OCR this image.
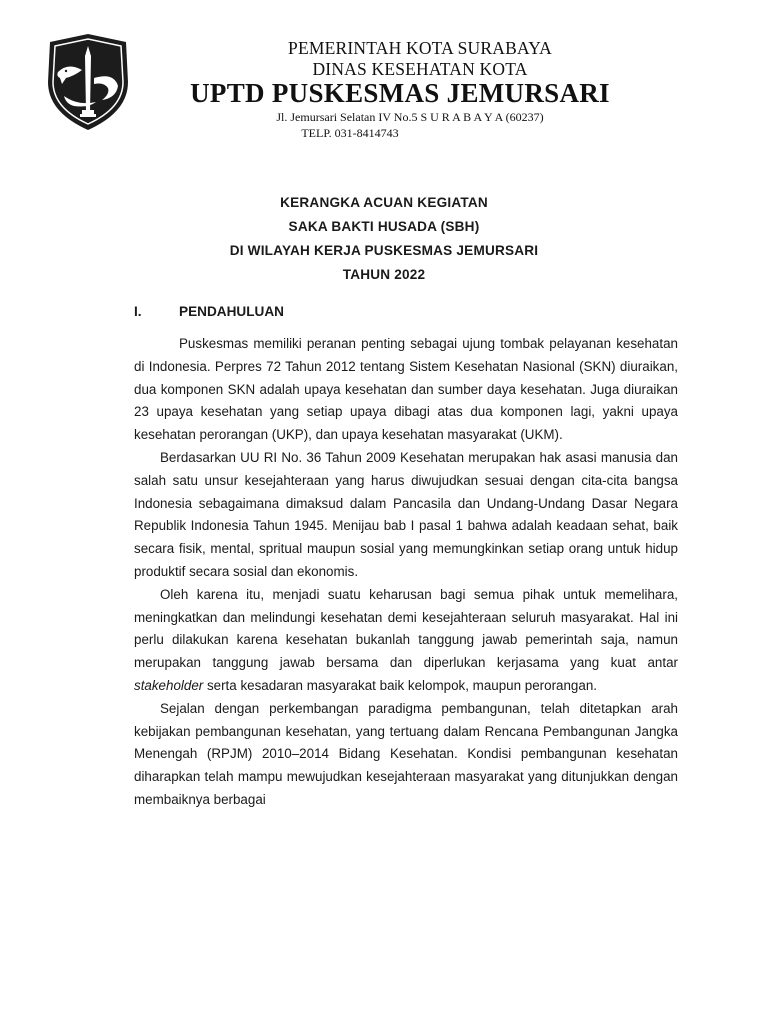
PEMERINTAH KOTA SURABAYA
DINAS KESEHATAN KOTA
UPTD PUSKESMAS JEMURSARI
Jl. Jemursari Selatan IV No.5 S U R A B A Y A (60237)
TELP. 031-8414743
KERANGKA ACUAN KEGIATAN
SAKA BAKTI HUSADA (SBH)
DI WILAYAH KERJA PUSKESMAS JEMURSARI
TAHUN 2022
I.	PENDAHULUAN

Puskesmas memiliki peranan penting sebagai ujung tombak pelayanan kesehatan di Indonesia. Perpres 72 Tahun 2012 tentang Sistem Kesehatan Nasional (SKN) diuraikan, dua komponen SKN adalah upaya kesehatan dan sumber daya kesehatan. Juga diuraikan 23 upaya kesehatan yang setiap upaya dibagi atas dua komponen lagi, yakni upaya kesehatan perorangan (UKP), dan upaya kesehatan masyarakat (UKM).

Berdasarkan UU RI No. 36 Tahun 2009 Kesehatan merupakan hak asasi manusia dan salah satu unsur kesejahteraan yang harus diwujudkan sesuai dengan cita-cita bangsa Indonesia sebagaimana dimaksud dalam Pancasila dan Undang-Undang Dasar Negara Republik Indonesia Tahun 1945. Menijau bab I pasal 1 bahwa adalah keadaan sehat, baik secara fisik, mental, spritual maupun sosial yang memungkinkan setiap orang untuk hidup produktif secara sosial dan ekonomis.

Oleh karena itu, menjadi suatu keharusan bagi semua pihak untuk memelihara, meningkatkan dan melindungi kesehatan demi kesejahteraan seluruh masyarakat. Hal ini perlu dilakukan karena kesehatan bukanlah tanggung jawab pemerintah saja, namun merupakan tanggung jawab bersama dan diperlukan kerjasama yang kuat antar stakeholder serta kesadaran masyarakat baik kelompok, maupun perorangan.

Sejalan dengan perkembangan paradigma pembangunan, telah ditetapkan arah kebijakan pembangunan kesehatan, yang tertuang dalam Rencana Pembangunan Jangka Menengah (RPJM) 2010–2014 Bidang Kesehatan. Kondisi pembangunan kesehatan diharapkan telah mampu mewujudkan kesejahteraan masyarakat yang ditunjukkan dengan membaiknya berbagai
